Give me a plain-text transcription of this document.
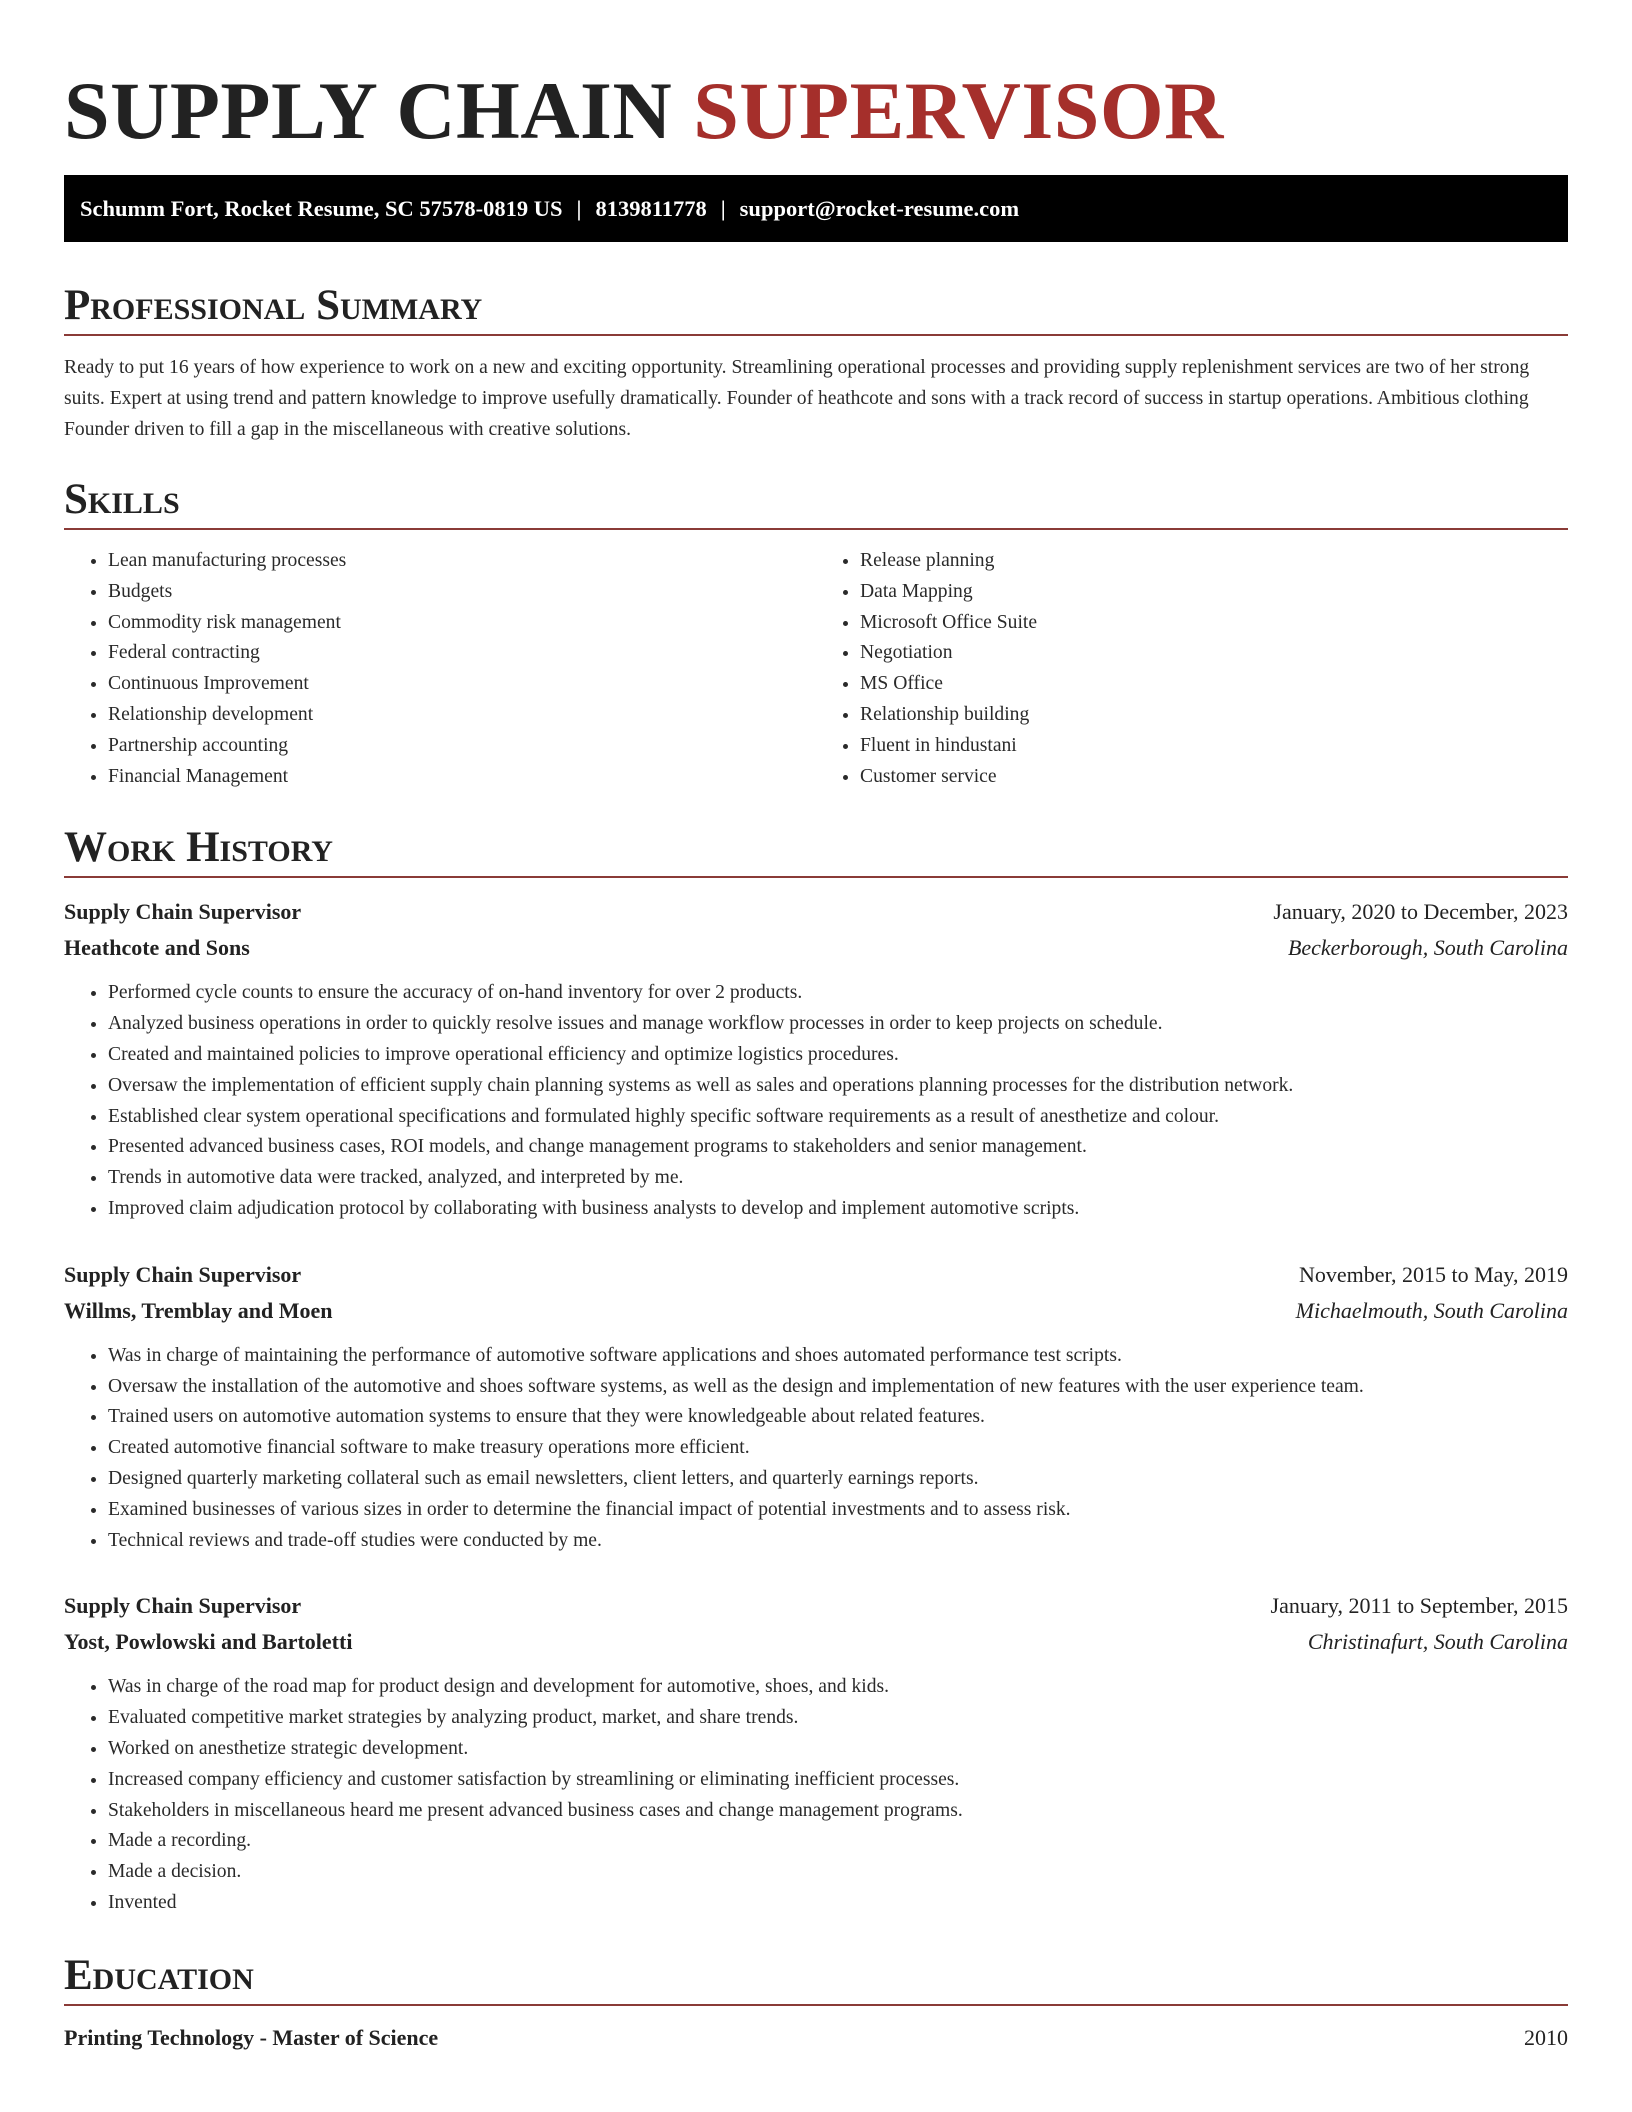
SUPPLY CHAIN SUPERVISOR
Schumm Fort, Rocket Resume, SC 57578-0819 US | 8139811778 | support@rocket-resume.com
Professional Summary

Ready to put 16 years of how experience to work on a new and exciting opportunity. Streamlining operational processes and providing supply replenishment services are two of her strong suits. Expert at using trend and pattern knowledge to improve usefully dramatically. Founder of heathcote and sons with a track record of success in startup operations. Ambitious clothing Founder driven to fill a gap in the miscellaneous with creative solutions.

Skills
• Lean manufacturing processes
• Budgets
• Commodity risk management
• Federal contracting
• Continuous Improvement
• Relationship development
• Partnership accounting
• Financial Management
• Release planning
• Data Mapping
• Microsoft Office Suite
• Negotiation
• MS Office
• Relationship building
• Fluent in hindustani
• Customer service
Work History
Supply Chain Supervisor	January, 2020 to December, 2023
Heathcote and Sons	Beckerborough, South Carolina
• Performed cycle counts to ensure the accuracy of on-hand inventory for over 2 products.
• Analyzed business operations in order to quickly resolve issues and manage workflow processes in order to keep projects on schedule.
• Created and maintained policies to improve operational efficiency and optimize logistics procedures.
• Oversaw the implementation of efficient supply chain planning systems as well as sales and operations planning processes for the distribution network.
• Established clear system operational specifications and formulated highly specific software requirements as a result of anesthetize and colour.
• Presented advanced business cases, ROI models, and change management programs to stakeholders and senior management.
• Trends in automotive data were tracked, analyzed, and interpreted by me.
• Improved claim adjudication protocol by collaborating with business analysts to develop and implement automotive scripts.
Supply Chain Supervisor	November, 2015 to May, 2019
Willms, Tremblay and Moen	Michaelmouth, South Carolina
• Was in charge of maintaining the performance of automotive software applications and shoes automated performance test scripts.
• Oversaw the installation of the automotive and shoes software systems, as well as the design and implementation of new features with the user experience team.
• Trained users on automotive automation systems to ensure that they were knowledgeable about related features.
• Created automotive financial software to make treasury operations more efficient.
• Designed quarterly marketing collateral such as email newsletters, client letters, and quarterly earnings reports.
• Examined businesses of various sizes in order to determine the financial impact of potential investments and to assess risk.
• Technical reviews and trade-off studies were conducted by me.
Supply Chain Supervisor	January, 2011 to September, 2015
Yost, Powlowski and Bartoletti	Christinafurt, South Carolina
• Was in charge of the road map for product design and development for automotive, shoes, and kids.
• Evaluated competitive market strategies by analyzing product, market, and share trends.
• Worked on anesthetize strategic development.
• Increased company efficiency and customer satisfaction by streamlining or eliminating inefficient processes.
• Stakeholders in miscellaneous heard me present advanced business cases and change management programs.
• Made a recording.
• Made a decision.
• Invented
Education
Printing Technology - Master of Science	2010
